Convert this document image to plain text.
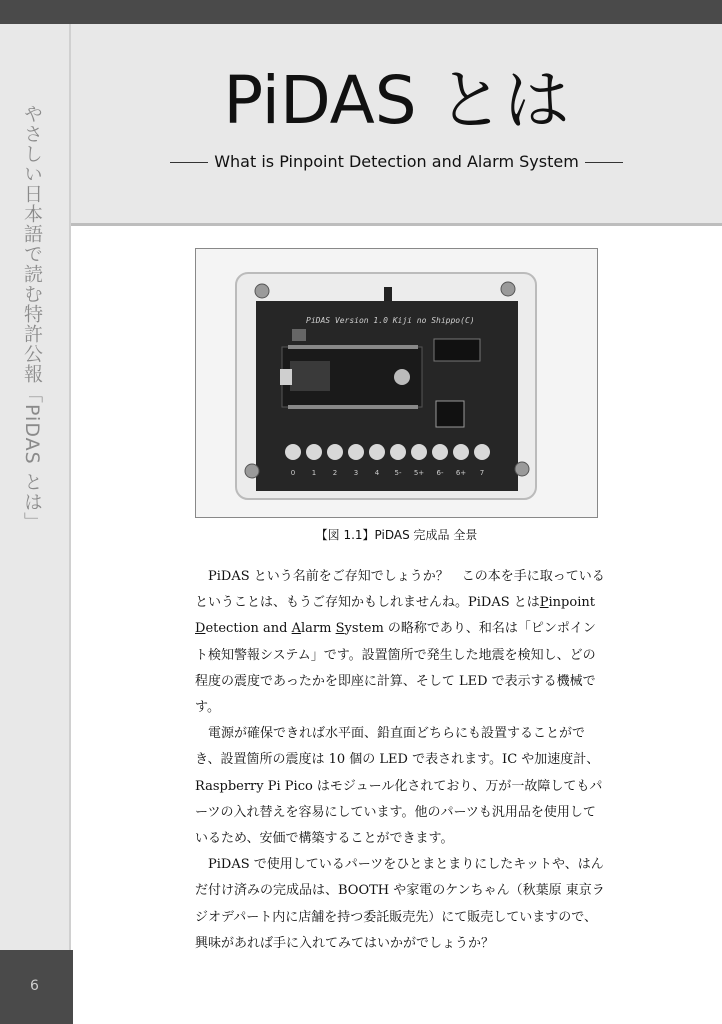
やさしい日本語で読む特許公報「PiDAS とは」
6
PiDAS とは
What is Pinpoint Detection and Alarm System
PiDAS Version 1.0 Kiji no Shippo(C)
0 1 2 3 4 5- 5+ 6- 6+ 7
【図 1.1】PiDAS 完成品 全景

　PiDAS という名前をご存知でしょうか？　この本を手に取っているということは、もうご存知かもしれませんね。PiDAS とはPinpoint Detection and Alarm System の略称であり、和名は「ピンポイント検知警報システム」です。設置箇所で発生した地震を検知し、どの程度の震度であったかを即座に計算、そして LED で表示する機械です。

　電源が確保できれば水平面、鉛直面どちらにも設置することができ、設置箇所の震度は 10 個の LED で表されます。IC や加速度計、Raspberry Pi Pico はモジュール化されており、万が一故障してもパーツの入れ替えを容易にしています。他のパーツも汎用品を使用しているため、安価で構築することができます。

　PiDAS で使用しているパーツをひとまとまりにしたキットや、はんだ付け済みの完成品は、BOOTH や家電のケンちゃん（秋葉原 東京ラジオデパート内に店舗を持つ委託販売先）にて販売していますので、興味があれば手に入れてみてはいかがでしょうか？
